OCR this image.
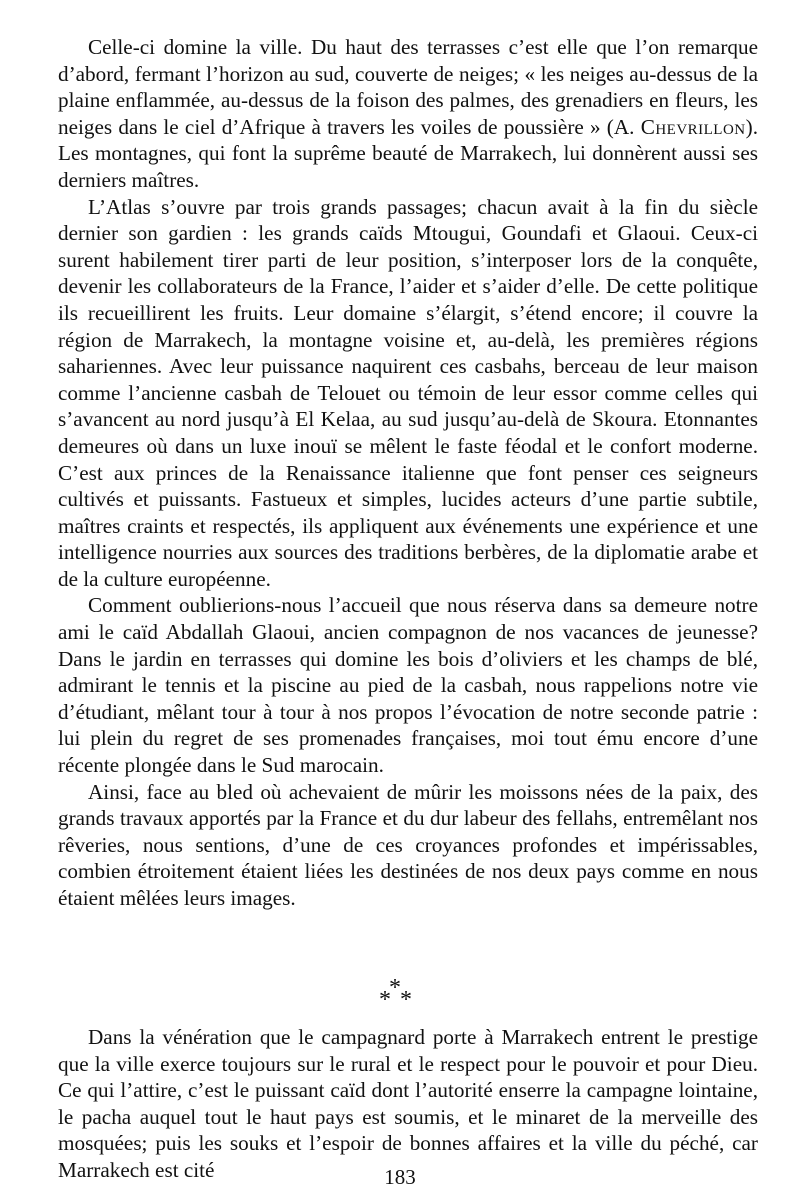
Celle-ci domine la ville. Du haut des terrasses c’est elle que l’on remarque d’abord, fermant l’horizon au sud, couverte de neiges; « les neiges au-dessus de la plaine enflammée, au-dessus de la foison des palmes, des grenadiers en fleurs, les neiges dans le ciel d’Afrique à travers les voiles de poussière » (A. Chevrillon). Les montagnes, qui font la suprême beauté de Marrakech, lui donnèrent aussi ses derniers maîtres.

L’Atlas s’ouvre par trois grands passages; chacun avait à la fin du siècle dernier son gardien : les grands caïds Mtougui, Goundafi et Glaoui. Ceux-ci surent habilement tirer parti de leur position, s’interposer lors de la conquête, devenir les collaborateurs de la France, l’aider et s’aider d’elle. De cette politique ils recueillirent les fruits. Leur domaine s’élargit, s’étend encore; il couvre la région de Marrakech, la montagne voisine et, au-delà, les premières régions sahariennes. Avec leur puissance naquirent ces casbahs, berceau de leur maison comme l’ancienne casbah de Telouet ou témoin de leur essor comme celles qui s’avancent au nord jusqu’à El Kelaa, au sud jusqu’au-delà de Skoura. Etonnantes demeures où dans un luxe inouï se mêlent le faste féodal et le confort moderne. C’est aux princes de la Renaissance italienne que font penser ces seigneurs cultivés et puissants. Fastueux et simples, lucides acteurs d’une partie subtile, maîtres craints et respectés, ils appliquent aux événements une expérience et une intelligence nourries aux sources des traditions berbères, de la diplomatie arabe et de la culture européenne.

Comment oublierions-nous l’accueil que nous réserva dans sa demeure notre ami le caïd Abdallah Glaoui, ancien compagnon de nos vacances de jeunesse? Dans le jardin en terrasses qui domine les bois d’oliviers et les champs de blé, admirant le tennis et la piscine au pied de la casbah, nous rappelions notre vie d’étudiant, mêlant tour à tour à nos propos l’évocation de notre seconde patrie : lui plein du regret de ses promenades françaises, moi tout ému encore d’une récente plongée dans le Sud marocain.

Ainsi, face au bled où achevaient de mûrir les moissons nées de la paix, des grands travaux apportés par la France et du dur labeur des fellahs, entremêlant nos rêveries, nous sentions, d’une de ces croyances profondes et impérissables, combien étroitement étaient liées les destinées de nos deux pays comme en nous étaient mêlées leurs images.

*
* *

Dans la vénération que le campagnard porte à Marrakech entrent le prestige que la ville exerce toujours sur le rural et le respect pour le pouvoir et pour Dieu. Ce qui l’attire, c’est le puissant caïd dont l’autorité enserre la campagne lointaine, le pacha auquel tout le haut pays est soumis, et le minaret de la merveille des mosquées; puis les souks et l’espoir de bonnes affaires et la ville du péché, car Marrakech est cité	183
